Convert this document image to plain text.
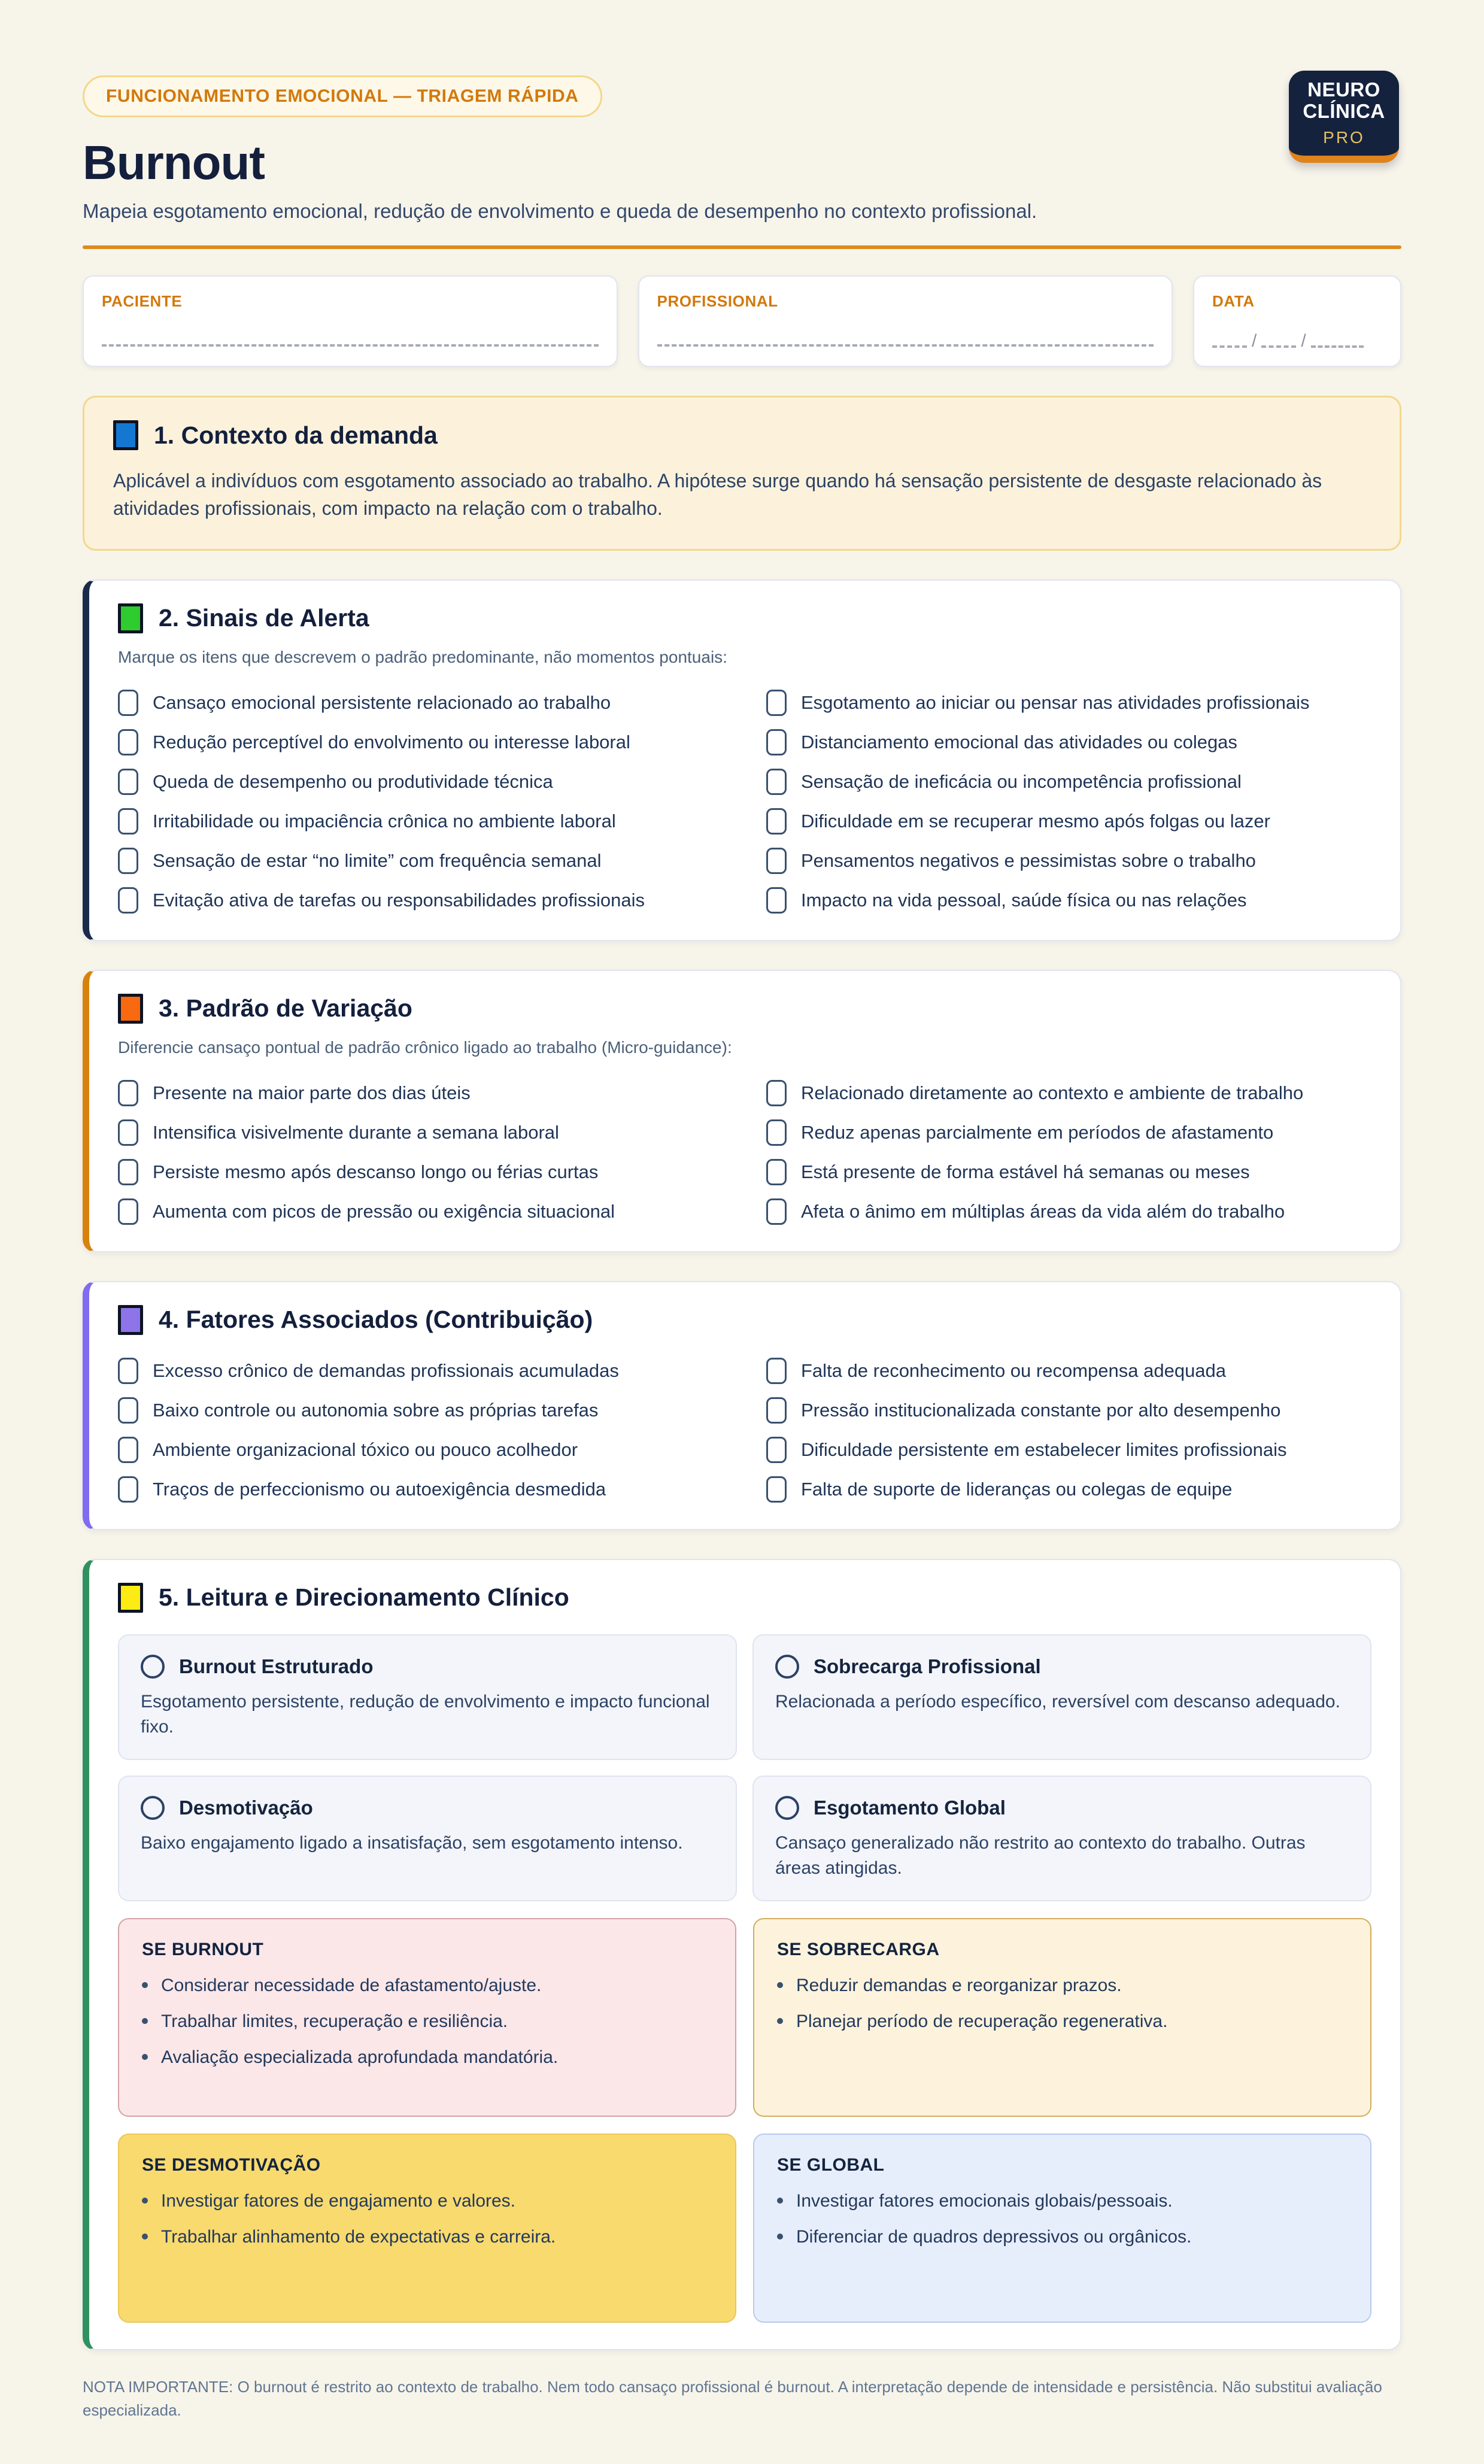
FUNCIONAMENTO EMOCIONAL — TRIAGEM RÁPIDA	NEURO
CLÍNICA
PRO
Burnout

Mapeia esgotamento emocional, redução de envolvimento e queda de desempenho no contexto profissional.

PACIENTE	PROFISSIONAL	DATA
/ /
1. Contexto da demanda

Aplicável a indivíduos com esgotamento associado ao trabalho. A hipótese surge quando há sensação persistente de desgaste relacionado às atividades profissionais, com impacto na relação com o trabalho.

2. Sinais de Alerta

Marque os itens que descrevem o padrão predominante, não momentos pontuais:

Cansaço emocional persistente relacionado ao trabalho
Redução perceptível do envolvimento ou interesse laboral
Queda de desempenho ou produtividade técnica
Irritabilidade ou impaciência crônica no ambiente laboral
Sensação de estar “no limite” com frequência semanal
Evitação ativa de tarefas ou responsabilidades profissionais
Esgotamento ao iniciar ou pensar nas atividades profissionais
Distanciamento emocional das atividades ou colegas
Sensação de ineficácia ou incompetência profissional
Dificuldade em se recuperar mesmo após folgas ou lazer
Pensamentos negativos e pessimistas sobre o trabalho
Impacto na vida pessoal, saúde física ou nas relações
3. Padrão de Variação

Diferencie cansaço pontual de padrão crônico ligado ao trabalho (Micro-guidance):

Presente na maior parte dos dias úteis
Intensifica visivelmente durante a semana laboral
Persiste mesmo após descanso longo ou férias curtas
Aumenta com picos de pressão ou exigência situacional
Relacionado diretamente ao contexto e ambiente de trabalho
Reduz apenas parcialmente em períodos de afastamento
Está presente de forma estável há semanas ou meses
Afeta o ânimo em múltiplas áreas da vida além do trabalho
4. Fatores Associados (Contribuição)
Excesso crônico de demandas profissionais acumuladas
Baixo controle ou autonomia sobre as próprias tarefas
Ambiente organizacional tóxico ou pouco acolhedor
Traços de perfeccionismo ou autoexigência desmedida
Falta de reconhecimento ou recompensa adequada
Pressão institucionalizada constante por alto desempenho
Dificuldade persistente em estabelecer limites profissionais
Falta de suporte de lideranças ou colegas de equipe
5. Leitura e Direcionamento Clínico
Burnout Estruturado

Esgotamento persistente, redução de envolvimento e impacto funcional fixo.

Sobrecarga Profissional

Relacionada a período específico, reversível com descanso adequado.

Desmotivação

Baixo engajamento ligado a insatisfação, sem esgotamento intenso.

Esgotamento Global

Cansaço generalizado não restrito ao contexto do trabalho. Outras áreas atingidas.

SE BURNOUT
Considerar necessidade de afastamento/ajuste.
Trabalhar limites, recuperação e resiliência.
Avaliação especializada aprofundada mandatória.
SE SOBRECARGA
Reduzir demandas e reorganizar prazos.
Planejar período de recuperação regenerativa.
SE DESMOTIVAÇÃO
Investigar fatores de engajamento e valores.
Trabalhar alinhamento de expectativas e carreira.
SE GLOBAL
Investigar fatores emocionais globais/pessoais.
Diferenciar de quadros depressivos ou orgânicos.

NOTA IMPORTANTE: O burnout é restrito ao contexto de trabalho. Nem todo cansaço profissional é burnout. A interpretação depende de intensidade e persistência. Não substitui avaliação especializada.
